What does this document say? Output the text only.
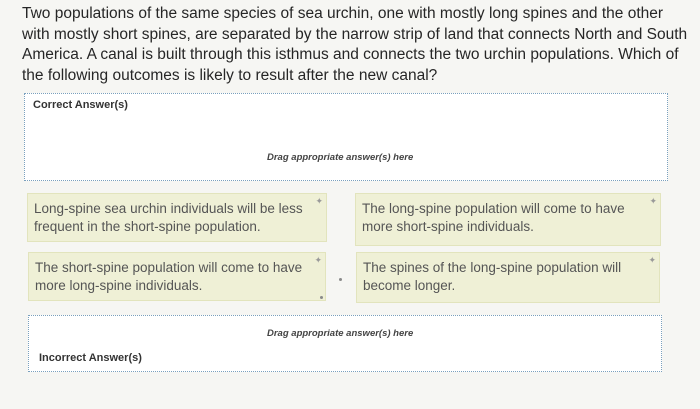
Two populations of the same species of sea urchin, one with mostly long spines and the other with mostly short spines, are separated by the narrow strip of land that connects North and South America. A canal is built through this isthmus and connects the two urchin populations. Which of the following outcomes is likely to result after the new canal?
Correct Answer(s)
Drag appropriate answer(s) here
Long-spine sea urchin individuals will be less frequent in the short-spine population.
✦	The long-spine population will come to have more short-spine individuals.
✦
The short-spine population will come to have more long-spine individuals.
✦	The spines of the long-spine population will become longer.
✦
Drag appropriate answer(s) here
Incorrect Answer(s)
